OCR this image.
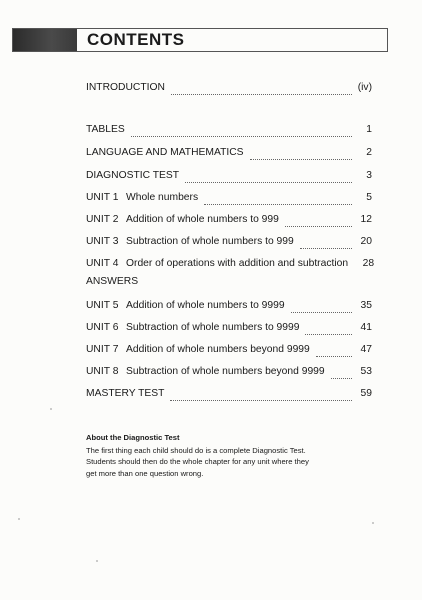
CONTENTS
INTRODUCTION	(iv)
TABLES	1
LANGUAGE AND MATHEMATICS	2
DIAGNOSTIC TEST	3
UNIT 1 Whole numbers	5
UNIT 2 Addition of whole numbers to 999	12
UNIT 3 Subtraction of whole numbers to 999	20
UNIT 4 Order of operations with addition and subtraction 28
ANSWERS
UNIT 5 Addition of whole numbers to 9999	35
UNIT 6 Subtraction of whole numbers to 9999	41
UNIT 7 Addition of whole numbers beyond 9999	47
UNIT 8 Subtraction of whole numbers beyond 9999	53
MASTERY TEST	59
About the Diagnostic Test
The first thing each child should do is a complete Diagnostic Test.
Students should then do the whole chapter for any unit where they
get more than one question wrong.
